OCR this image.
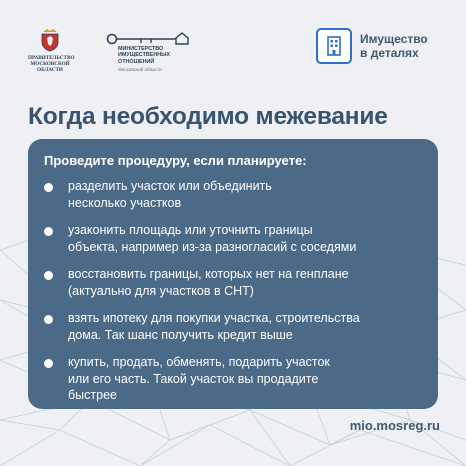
ПРАВИТЕЛЬСТВО
МОСКОВСКОЙ
ОБЛАСТИ
МИНИСТЕРСТВО
ИМУЩЕСТВЕННЫХ
ОТНОШЕНИЙ
Московской области
Имущество
в деталях
Когда необходимо межевание
Проведите процедуру, если планируете:
разделить участок или объединить
несколько участков
узаконить площадь или уточнить границы
объекта, например из-за разногласий с соседями
восстановить границы, которых нет на генплане
(актуально для участков в СНТ)
взять ипотеку для покупки участка, строительства
дома. Так шанс получить кредит выше
купить, продать, обменять, подарить участок
или его часть. Такой участок вы продадите
быстрее
mio.mosreg.ru
